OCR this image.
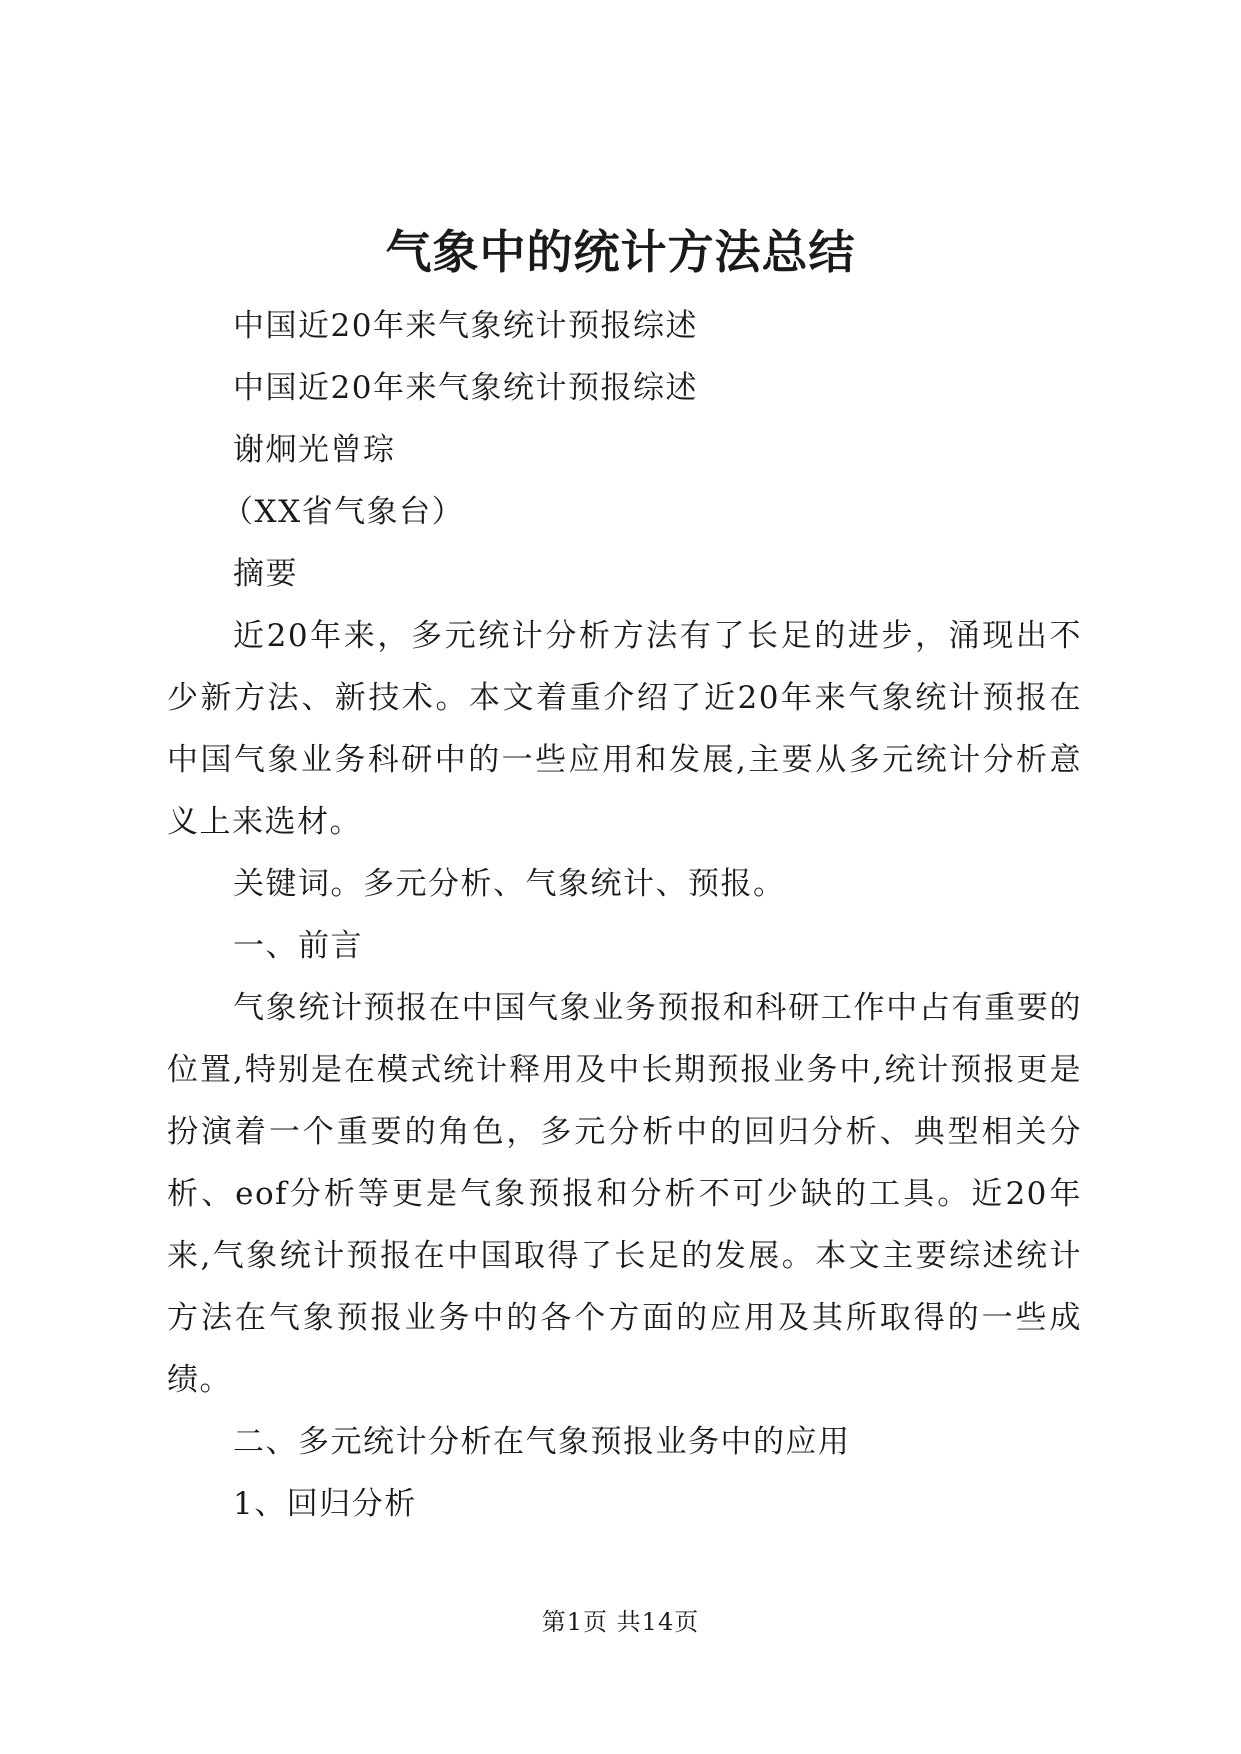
气象中的统计方法总结

中国近20年来气象统计预报综述

中国近20年来气象统计预报综述

谢炯光曾琮

（XX省气象台）

摘要

近20年来，多元统计分析方法有了长足的进步，涌现出不少新方法、新技术。本文着重介绍了近20年来气象统计预报在中国气象业务科研中的一些应用和发展,主要从多元统计分析意义上来选材。

关键词。多元分析、气象统计、预报。

一、前言

气象统计预报在中国气象业务预报和科研工作中占有重要的位置,特别是在模式统计释用及中长期预报业务中,统计预报更是扮演着一个重要的角色，多元分析中的回归分析、典型相关分析、eof分析等更是气象预报和分析不可少缺的工具。近20年来,气象统计预报在中国取得了长足的发展。本文主要综述统计方法在气象预报业务中的各个方面的应用及其所取得的一些成绩。

二、多元统计分析在气象预报业务中的应用

1、回归分析

第1页 共14页
